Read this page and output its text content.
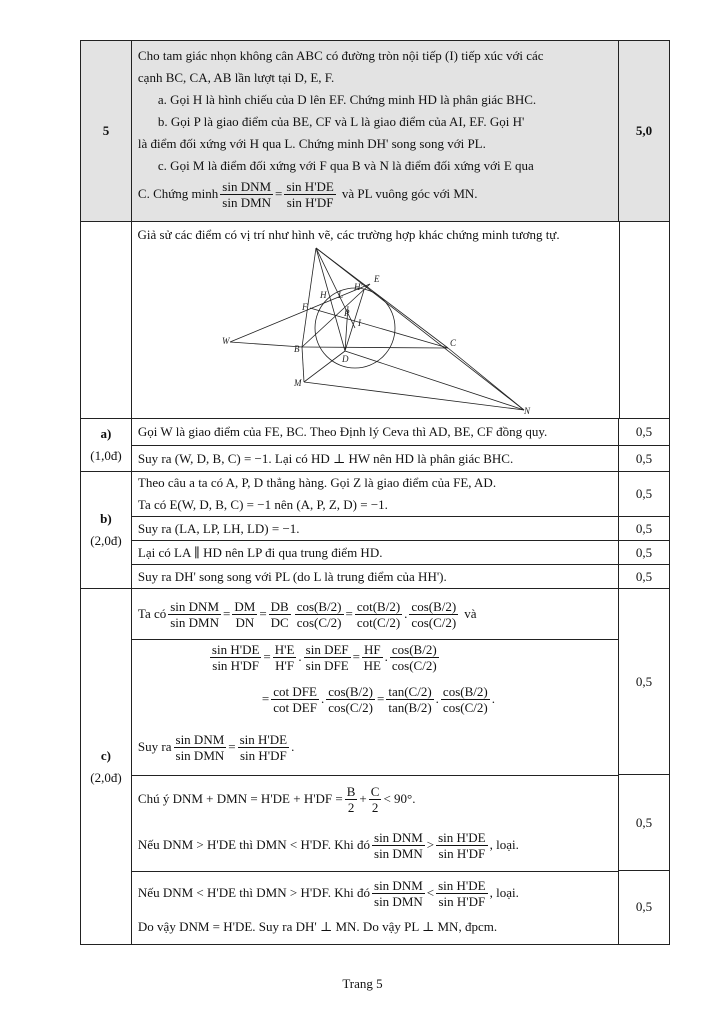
5
Cho tam giác nhọn không cân ABC có đường tròn nội tiếp (I) tiếp xúc với các
cạnh BC, CA, AB lần lượt tại D, E, F.
a. Gọi H là hình chiếu của D lên EF. Chứng minh HD là phân giác BHC.
b. Gọi P là giao điểm của BE, CF và L là giao điểm của AI, EF. Gọi H'
là điểm đối xứng với H qua L. Chứng minh DH' song song với PL.
c. Gọi M là điểm đối xứng với F qua B và N là điểm đối xứng với E qua
C. Chứng minh $\frac{\text{sin DNM}}{\text{sin DMN}} = \frac{\text{sin H'DE}}{\text{sin H'DF}}$ và PL vuông góc với MN.
5,0
Giả sử các điểm có vị trí như hình vẽ, các trường hợp khác chứng minh tương tự.
E
F
H L
H'
P
I
W
B
D
C
M
N
a)
(1,0đ)
Gọi W là giao điểm của FE, BC. Theo Định lý Ceva thì AD, BE, CF đồng quy.
Suy ra (W, D, B, C) = −1. Lại có HD ⊥ HW nên HD là phân giác BHC.
0,5
0,5
b)
(2,0đ)
Theo câu a ta có A, P, D thẳng hàng. Gọi Z là giao điểm của FE, AD.
Ta có E(W, D, B, C) = −1 nên (A, P, Z, D) = −1.
Suy ra (LA, LP, LH, LD) = −1.
Lại có LA ∥ HD nên LP đi qua trung điểm HD.
Suy ra DH' song song với PL (do L là trung điểm của HH').
0,5
0,5
0,5
0,5
c)
(2,0đ)
Ta có $\frac{\text{sin DNM}}{\text{sin DMN}} = \frac{DM}{DN} = \frac{DB}{DC} \frac{\cos(B/2)}{\cos(C/2)} = \frac{\cot(B/2)}{\cot(C/2)}$ . $\frac{\cos(B/2)}{\cos(C/2)}$ và
$\frac{\text{sin H'DE}}{\text{sin H'DF}} = \frac{H'E}{H'F}$ . $\frac{\text{sin DEF}}{\text{sin DFE}} = \frac{HF}{HE}$ . $\frac{\cos(B/2)}{\cos(C/2)}$
= $\frac{\text{cot DFE}}{\text{cot DEF}}$ . $\frac{\cos(B/2)}{\cos(C/2)} = \frac{\tan(C/2)}{\tan(B/2)}$ . $\frac{\cos(B/2)}{\cos(C/2)}$ .
Suy ra $\frac{\text{sin DNM}}{\text{sin DMN}} = \frac{\text{sin H'DE}}{\text{sin H'DF}}$ .
Chú ý DNM + DMN = $H'DE + H'DF = \frac{B}{2} + \frac{C}{2} < 90^\circ$.
Nếu DNM > H'DE thì DMN < H'DF. Khi đó $\frac{\text{sin DNM}}{\text{sin DMN}} > \frac{\text{sin H'DE}}{\text{sin H'DF}}$ , loại.
Nếu DNM < H'DE thì DMN > H'DF. Khi đó $\frac{\text{sin DNM}}{\text{sin DMN}} < \frac{\text{sin H'DE}}{\text{sin H'DF}}$ , loại.
Do vậy DNM = H'DE. Suy ra DH' ⊥ MN. Do vậy PL ⊥ MN, đpcm.
0,5
0,5
0,5
Trang 5
